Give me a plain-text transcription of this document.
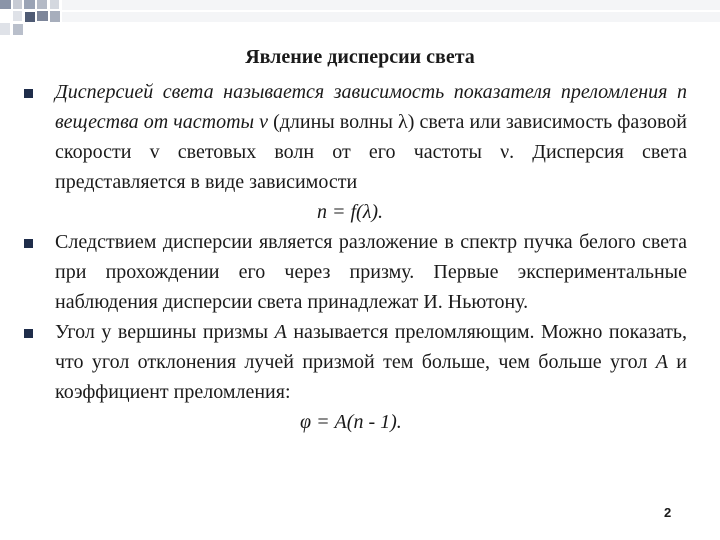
Явление дисперсии света
Дисперсией света называется зависимость показателя преломления n вещества от частоты ν (длины волны λ) света или зависимость фазовой скорости v световых волн от его частоты ν. Дисперсия света представляется в виде зависимости
n = f(λ).
Следствием дисперсии является разложение в спектр пучка белого света при прохождении его через призму. Первые экспериментальные наблюдения дисперсии света принадлежат И. Ньютону.
Угол у вершины призмы A называется преломляющим. Можно показать, что угол отклонения лучей призмой тем больше, чем больше угол A и коэффициент преломления:
φ = A(n - 1).
2
